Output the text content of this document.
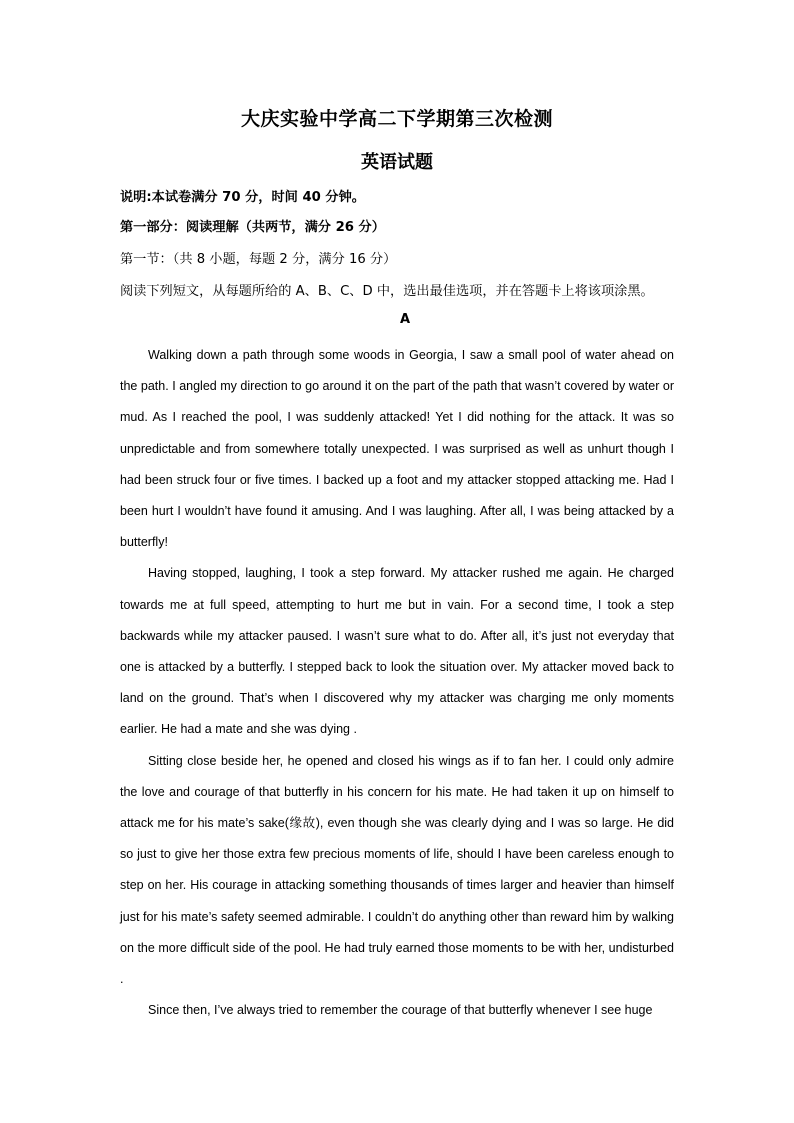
大庆实验中学高二下学期第三次检测
英语试题
说明:本试卷满分 70 分，时间 40 分钟。
第一部分：阅读理解（共两节，满分 26 分）
第一节：（共 8 小题，每题 2 分，满分 16 分）
阅读下列短文，从每题所给的 A、B、C、D 中，选出最佳选项，并在答题卡上将该项涂黑。
A

Walking down a path through some woods in Georgia, I saw a small pool of water ahead on the path. I angled my direction to go around it on the part of the path that wasn’t covered by water or mud. As I reached the pool, I was suddenly attacked! Yet I did nothing for the attack. It was so unpredictable and from somewhere totally unexpected. I was surprised as well as unhurt though I had been struck four or five times. I backed up a foot and my attacker stopped attacking me. Had I been hurt I wouldn’t have found it amusing. And I was laughing. After all, I was being attacked by a butterfly!

Having stopped, laughing, I took a step forward. My attacker rushed me again. He charged towards me at full speed, attempting to hurt me but in vain. For a second time, I took a step backwards while my attacker paused. I wasn’t sure what to do. After all, it’s just not everyday that one is attacked by a butterfly. I stepped back to look the situation over. My attacker moved back to land on the ground. That’s when I discovered why my attacker was charging me only moments earlier. He had a mate and she was dying .

Sitting close beside her, he opened and closed his wings as if to fan her. I could only admire the love and courage of that butterfly in his concern for his mate. He had taken it up on himself to attack me for his mate’s sake(缘故), even though she was clearly dying and I was so large. He did so just to give her those extra few precious moments of life, should I have been careless enough to step on her. His courage in attacking something thousands of times larger and heavier than himself just for his mate’s safety seemed admirable. I couldn’t do anything other than reward him by walking on the more difficult side of the pool. He had truly earned those moments to be with her, undisturbed .

Since then, I’ve always tried to remember the courage of that butterfly whenever I see huge
